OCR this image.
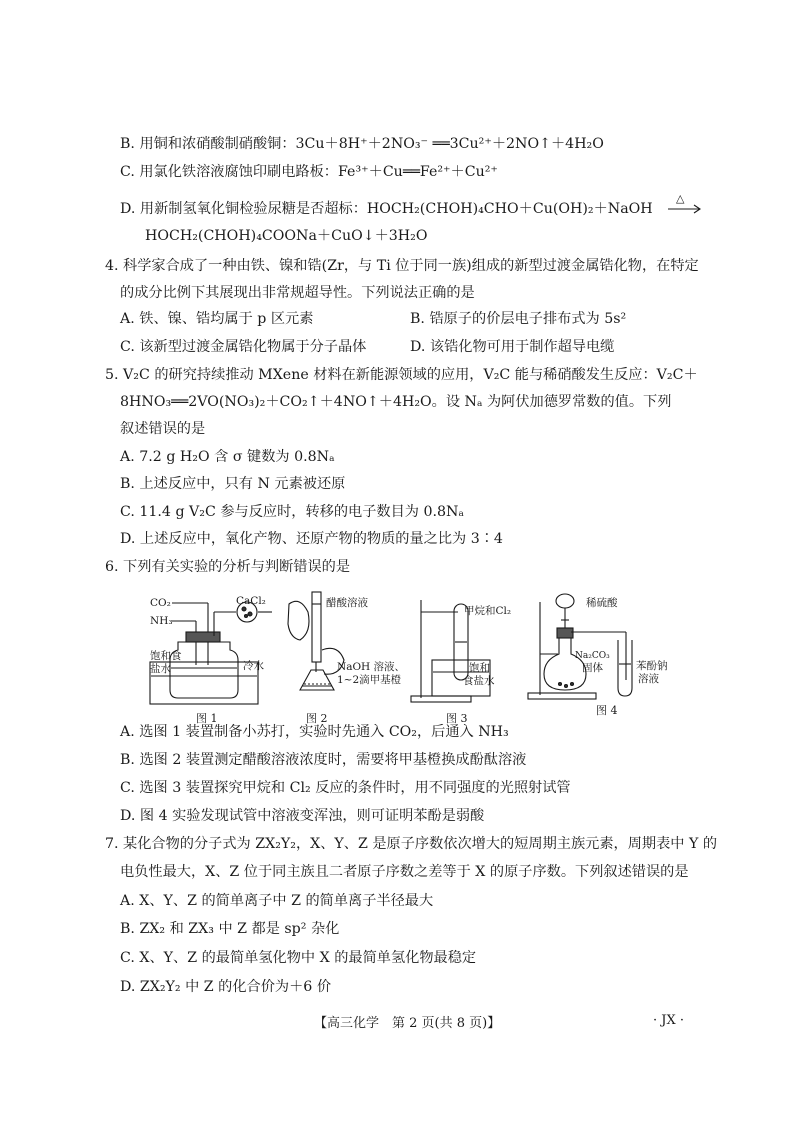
B. 用铜和浓硝酸制硝酸铜：3Cu＋8H⁺＋2NO₃⁻ ══3Cu²⁺＋2NO↑＋4H₂O
C. 用氯化铁溶液腐蚀印刷电路板：Fe³⁺＋Cu══Fe²⁺＋Cu²⁺
D. 用新制氢氧化铜检验尿糖是否超标：HOCH₂(CHOH)₄CHO＋Cu(OH)₂＋NaOH
△
HOCH₂(CHOH)₄COONa＋CuO↓＋3H₂O
4. 科学家合成了一种由铁、镍和锆(Zr，与 Ti 位于同一族)组成的新型过渡金属锆化物，在特定
的成分比例下其展现出非常规超导性。下列说法正确的是
A. 铁、镍、锆均属于 p 区元素	B. 锆原子的价层电子排布式为 5s²
C. 该新型过渡金属锆化物属于分子晶体	D. 该锆化物可用于制作超导电缆
5. V₂C 的研究持续推动 MXene 材料在新能源领域的应用，V₂C 能与稀硝酸发生反应：V₂C＋
8HNO₃══2VO(NO₃)₂＋CO₂↑＋4NO↑＋4H₂O。设 Nₐ 为阿伏加德罗常数的值。下列
叙述错误的是
A. 7.2 g H₂O 含 σ 键数为 0.8Nₐ
B. 上述反应中，只有 N 元素被还原
C. 11.4 g V₂C 参与反应时，转移的电子数目为 0.8Nₐ
D. 上述反应中，氧化产物、还原产物的物质的量之比为 3∶4
6. 下列有关实验的分析与判断错误的是
CO₂
NH₃
CaCl₂
饱和食
盐水	冷水
图 1
醋酸溶液
NaOH 溶液、
1~2滴甲基橙
图 2
甲烷和Cl₂
饱和
食盐水
图 3
稀硫酸
Na₂CO₃
固体	苯酚钠
溶液
图 4
A. 选图 1 装置制备小苏打，实验时先通入 CO₂，后通入 NH₃
B. 选图 2 装置测定醋酸溶液浓度时，需要将甲基橙换成酚酞溶液
C. 选图 3 装置探究甲烷和 Cl₂ 反应的条件时，用不同强度的光照射试管
D. 图 4 实验发现试管中溶液变浑浊，则可证明苯酚是弱酸
7. 某化合物的分子式为 ZX₂Y₂，X、Y、Z 是原子序数依次增大的短周期主族元素，周期表中 Y 的
电负性最大，X、Z 位于同主族且二者原子序数之差等于 X 的原子序数。下列叙述错误的是
A. X、Y、Z 的简单离子中 Z 的简单离子半径最大
B. ZX₂ 和 ZX₃ 中 Z 都是 sp² 杂化
C. X、Y、Z 的最简单氢化物中 X 的最简单氢化物最稳定
D. ZX₂Y₂ 中 Z 的化合价为＋6 价
【高三化学　第 2 页(共 8 页)】	· JX ·
